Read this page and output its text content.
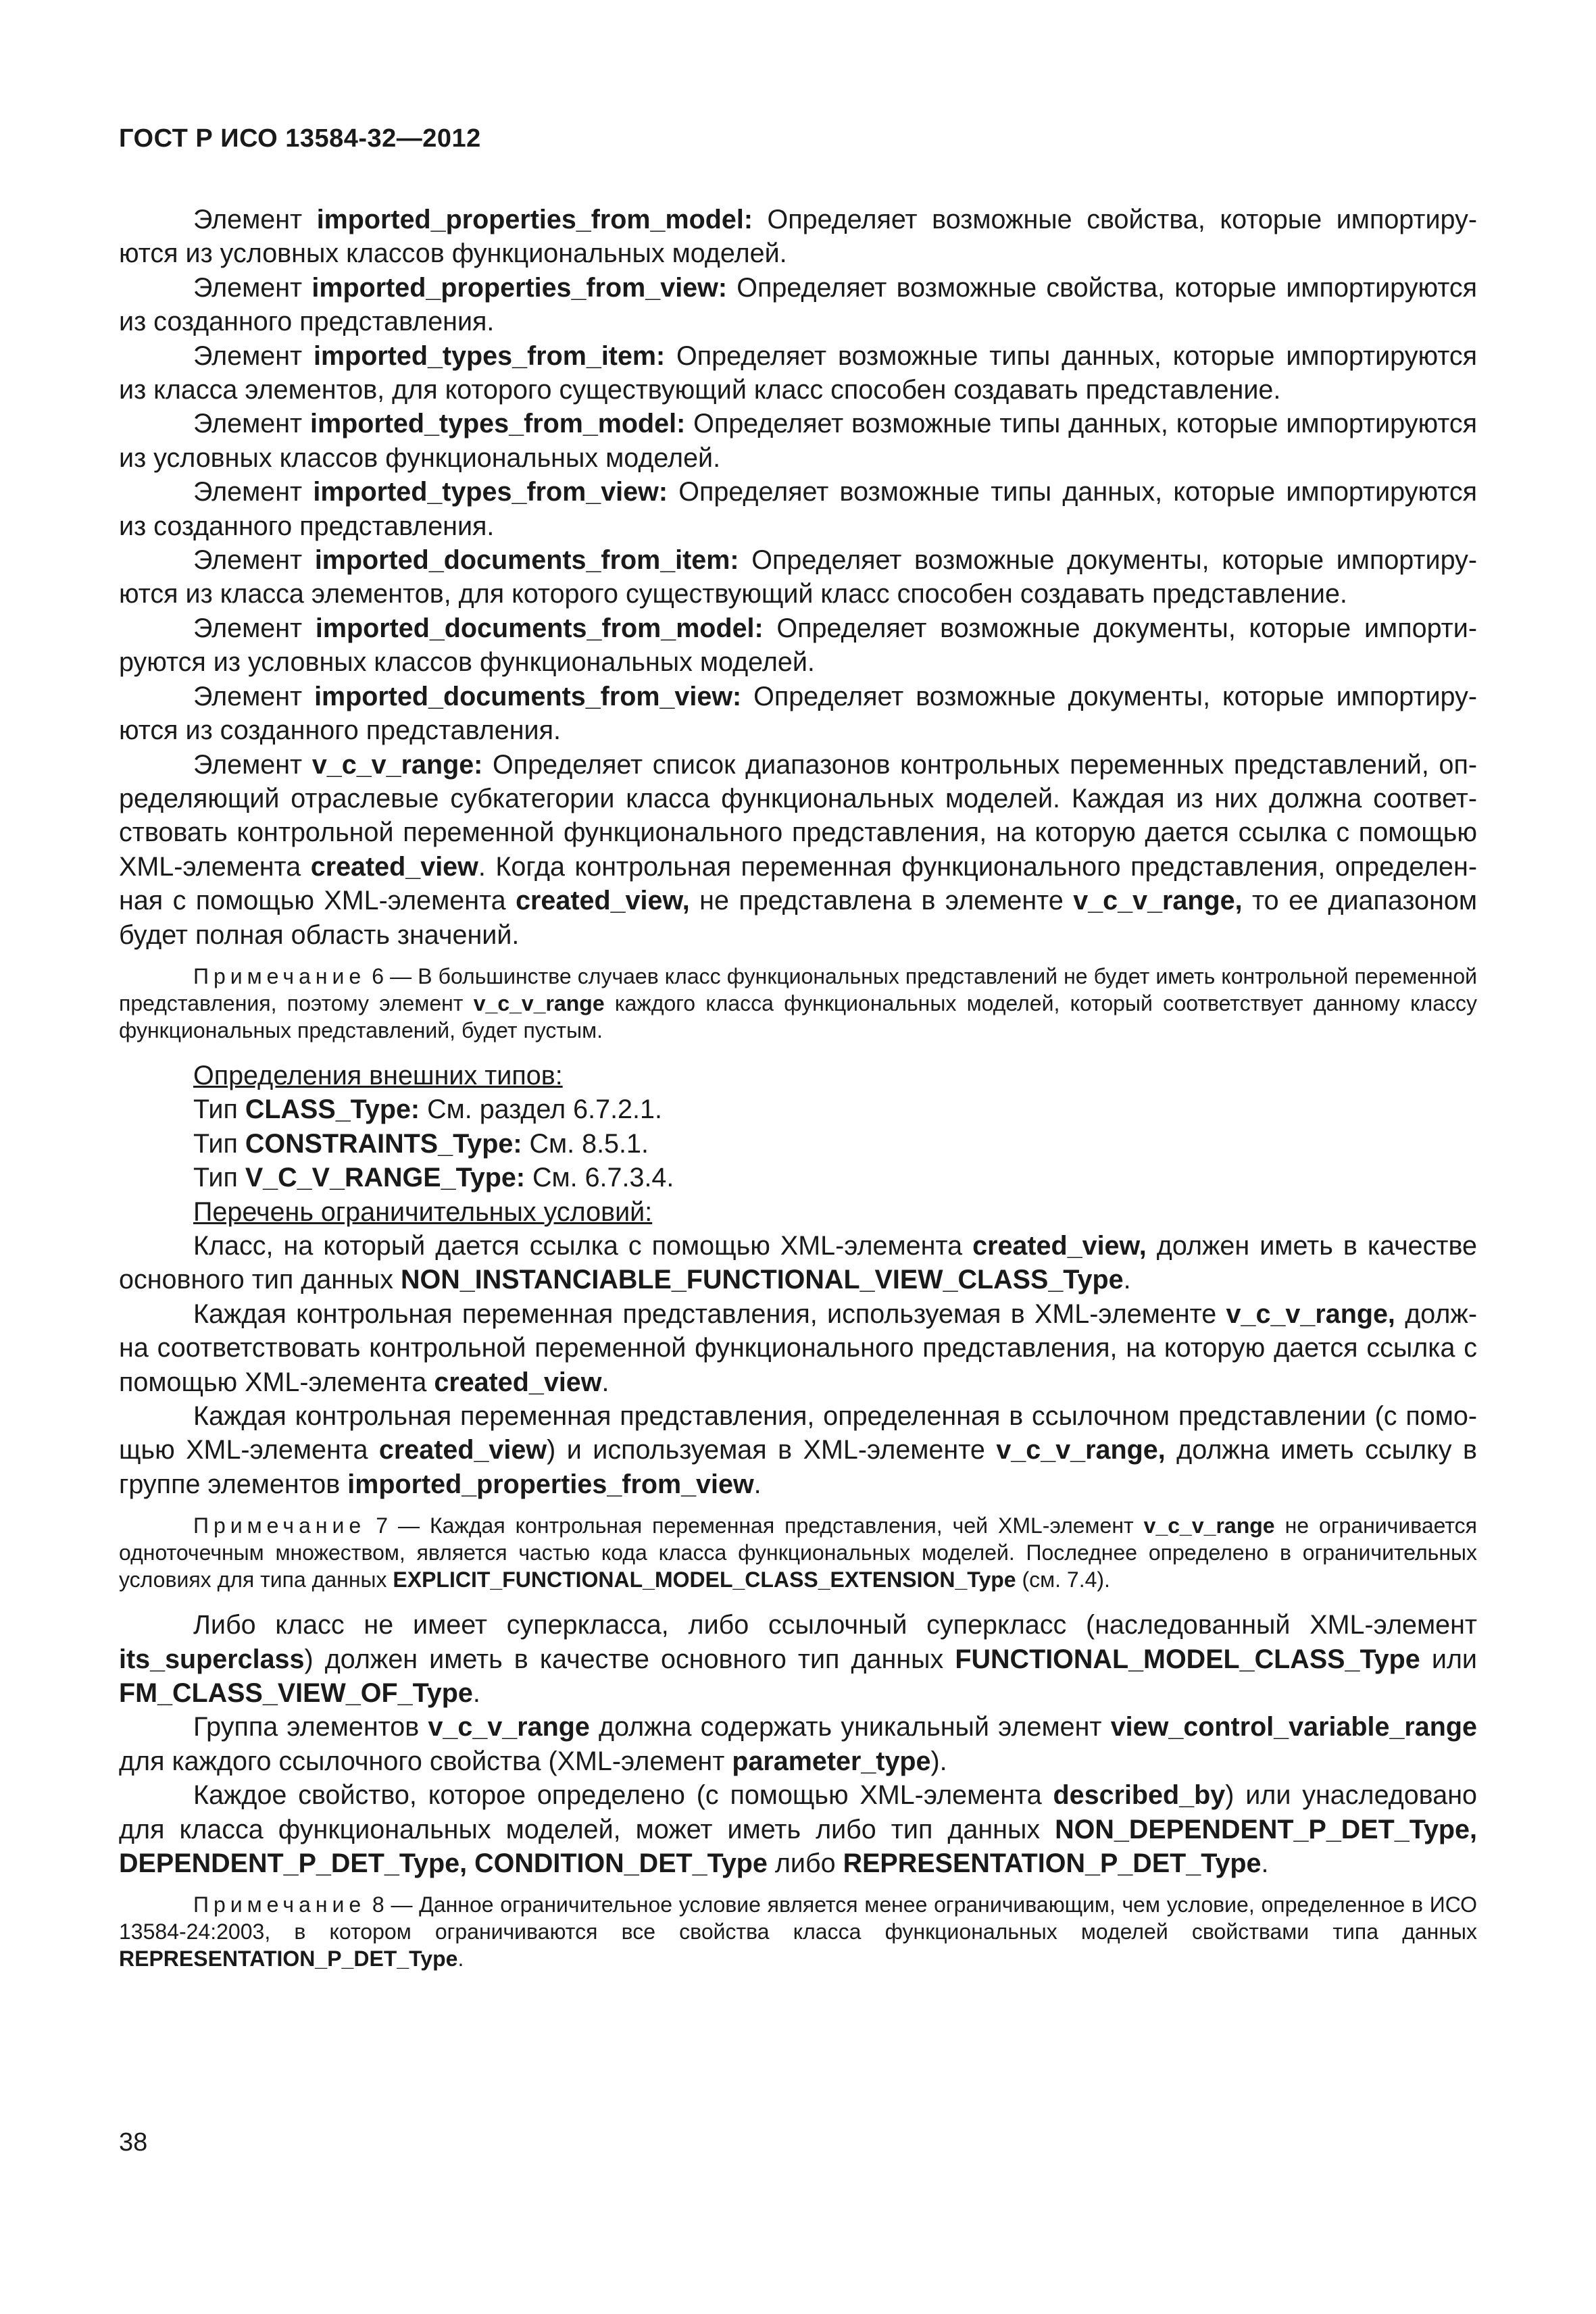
ГОСТ Р ИСО 13584-32—2012

Элемент imported_properties_from_model: Определяет возможные свойства, которые импортируются из условных классов функциональных моделей.

Элемент imported_properties_from_view: Определяет возможные свойства, которые импортируются из созданного представления.

Элемент imported_types_from_item: Определяет возможные типы данных, которые импортируются из класса элементов, для которого существующий класс способен создавать представление.

Элемент imported_types_from_model: Определяет возможные типы данных, которые импортируются из условных классов функциональных моделей.

Элемент imported_types_from_view: Определяет возможные типы данных, которые импортируются из созданного представления.

Элемент imported_documents_from_item: Определяет возможные документы, которые импортируются из класса элементов, для которого существующий класс способен создавать представление.

Элемент imported_documents_from_model: Определяет возможные документы, которые импортируются из условных классов функциональных моделей.

Элемент imported_documents_from_view: Определяет возможные документы, которые импортируются из созданного представления.

Элемент v_c_v_range: Определяет список диапазонов контрольных переменных представлений, определяющий отраслевые субкатегории класса функциональных моделей. Каждая из них должна соответствовать контрольной переменной функционального представления, на которую дается ссылка с помощью XML-элемента created_view. Когда контрольная переменная функционального представления, определенная с помощью XML-элемента created_view, не представлена в элементе v_c_v_range, то ее диапазоном будет полная область значений.

Примечание 6 — В большинстве случаев класс функциональных представлений не будет иметь контрольной переменной представления, поэтому элемент v_c_v_range каждого класса функциональных моделей, который соответствует данному классу функциональных представлений, будет пустым.

Определения внешних типов:

Тип CLASS_Type: См. раздел 6.7.2.1.

Тип CONSTRAINTS_Type: См. 8.5.1.

Тип V_C_V_RANGE_Type: См. 6.7.3.4.

Перечень ограничительных условий:

Класс, на который дается ссылка с помощью XML-элемента created_view, должен иметь в качестве основного тип данных NON_INSTANCIABLE_FUNCTIONAL_VIEW_CLASS_Type.

Каждая контрольная переменная представления, используемая в XML-элементе v_c_v_range, должна соответствовать контрольной переменной функционального представления, на которую дается ссылка с помощью XML-элемента created_view.

Каждая контрольная переменная представления, определенная в ссылочном представлении (с помощью XML-элемента created_view) и используемая в XML-элементе v_c_v_range, должна иметь ссылку в группе элементов imported_properties_from_view.

Примечание 7 — Каждая контрольная переменная представления, чей XML-элемент v_c_v_range не ограничивается одноточечным множеством, является частью кода класса функциональных моделей. Последнее определено в ограничительных условиях для типа данных EXPLICIT_FUNCTIONAL_MODEL_CLASS_EXTENSION_Type (см. 7.4).

Либо класс не имеет суперкласса, либо ссылочный суперкласс (наследованный XML-элемент its_superclass) должен иметь в качестве основного тип данных FUNCTIONAL_MODEL_CLASS_Type или FM_CLASS_VIEW_OF_Type.

Группа элементов v_c_v_range должна содержать уникальный элемент view_control_variable_range для каждого ссылочного свойства (XML-элемент parameter_type).

Каждое свойство, которое определено (с помощью XML-элемента described_by) или унаследовано для класса функциональных моделей, может иметь либо тип данных NON_DEPENDENT_P_DET_Type, DEPENDENT_P_DET_Type, CONDITION_DET_Type либо REPRESENTATION_P_DET_Type.

Примечание 8 — Данное ограничительное условие является менее ограничивающим, чем условие, определенное в ИСО 13584-24:2003, в котором ограничиваются все свойства класса функциональных моделей свойствами типа данных REPRESENTATION_P_DET_Type.

38
